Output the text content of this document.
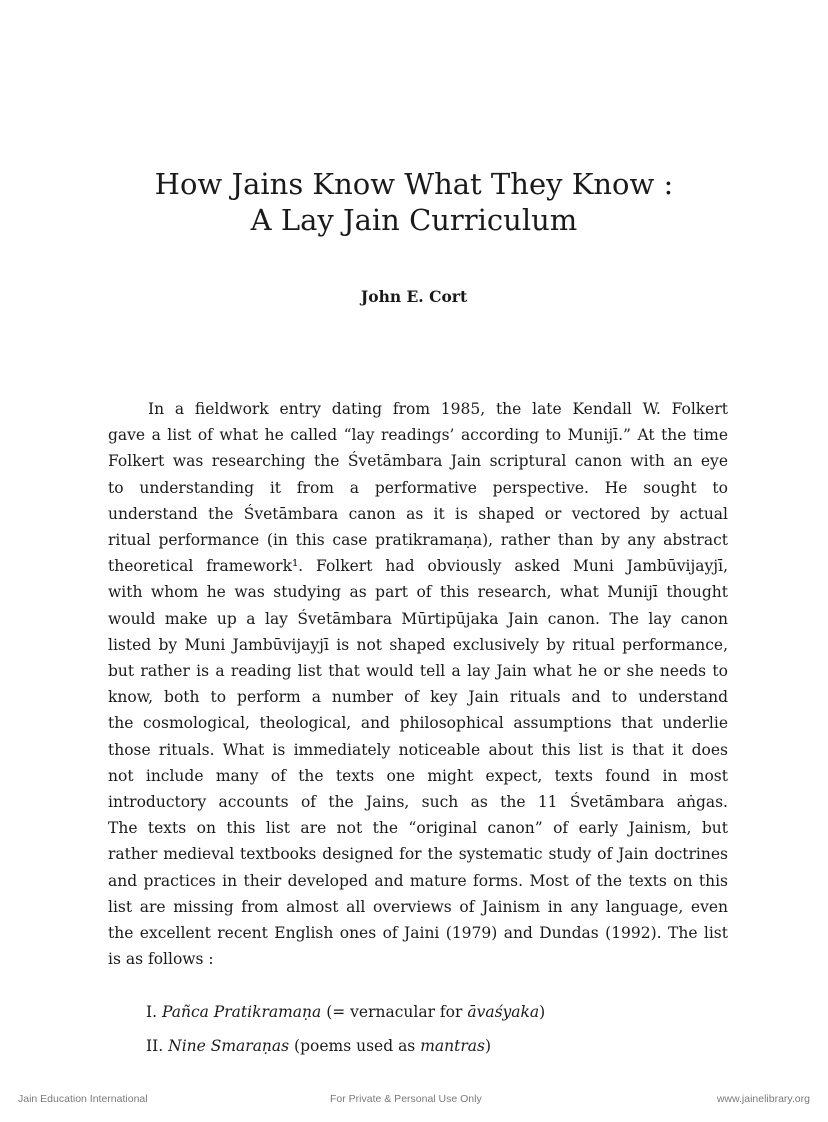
How Jains Know What They Know :
A Lay Jain Curriculum

John E. Cort

In a fieldwork entry dating from 1985, the late Kendall W. Folkert
gave a list of what he called “lay readings’ according to Munijī.” At the time
Folkert was researching the Śvetāmbara Jain scriptural canon with an eye
to understanding it from a performative perspective. He sought to
understand the Śvetāmbara canon as it is shaped or vectored by actual
ritual performance (in this case pratikramaṇa), rather than by any abstract
theoretical framework¹. Folkert had obviously asked Muni Jambūvijayjī,
with whom he was studying as part of this research, what Munijī thought
would make up a lay Śvetāmbara Mūrtipūjaka Jain canon. The lay canon
listed by Muni Jambūvijayjī is not shaped exclusively by ritual performance,
but rather is a reading list that would tell a lay Jain what he or she needs to
know, both to perform a number of key Jain rituals and to understand
the cosmological, theological, and philosophical assumptions that underlie
those rituals. What is immediately noticeable about this list is that it does
not include many of the texts one might expect, texts found in most
introductory accounts of the Jains, such as the 11 Śvetāmbara aṅgas.
The texts on this list are not the “original canon” of early Jainism, but
rather medieval textbooks designed for the systematic study of Jain doctrines
and practices in their developed and mature forms. Most of the texts on this
list are missing from almost all overviews of Jainism in any language, even
the excellent recent English ones of Jaini (1979) and Dundas (1992). The list
is as follows :
I. Pañca Pratikramaṇa (= vernacular for āvaśyaka)
II. Nine Smaraṇas (poems used as mantras)
Jain Education International	For Private & Personal Use Only	www.jainelibrary.org
